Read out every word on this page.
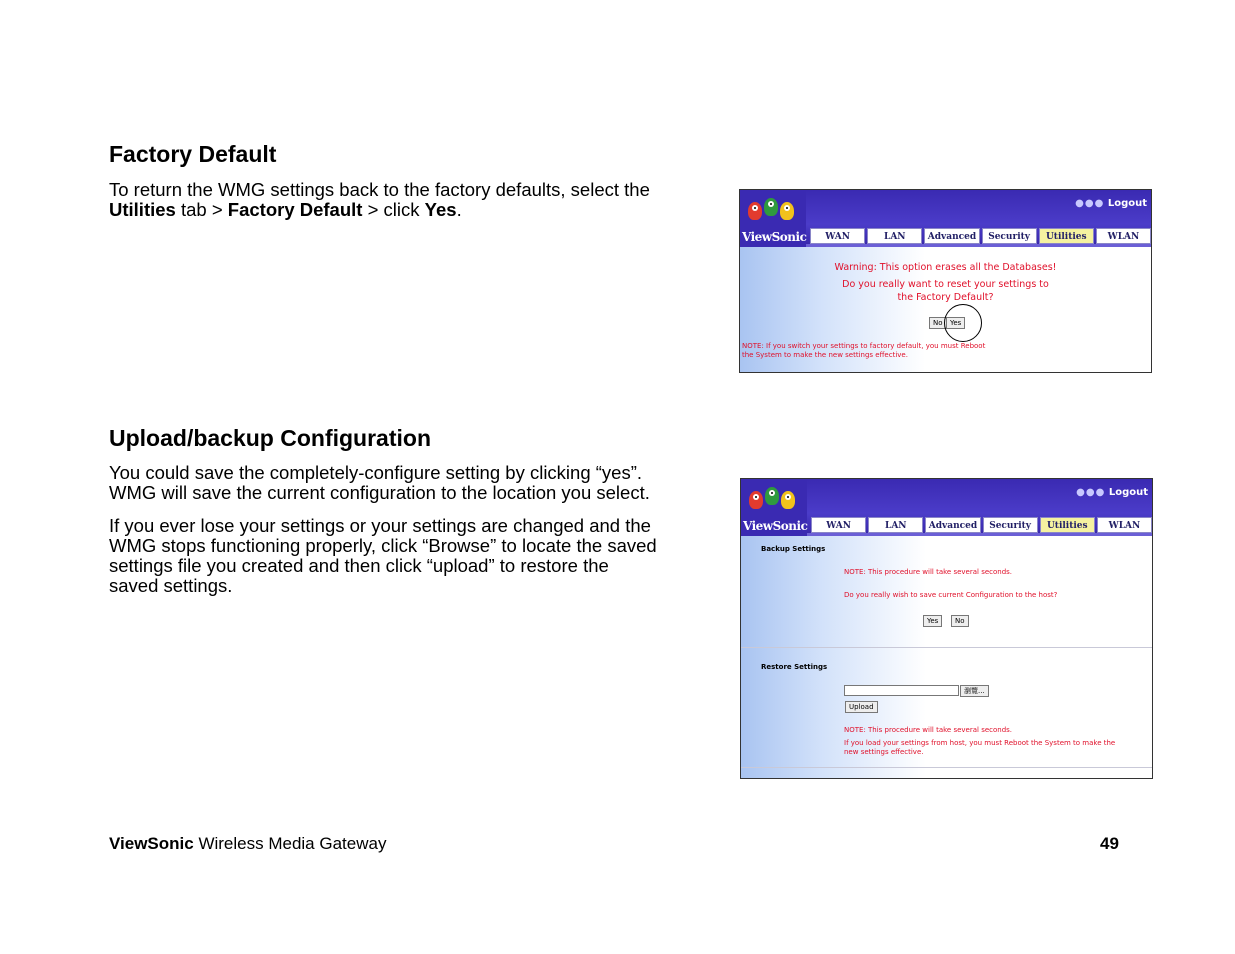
Factory Default
To return the WMG settings back to the factory defaults, select the
Utilities tab > Factory Default > click Yes.
ViewSonic
●●● Logout
WAN	LAN	Advanced	Security	Utilities	WLAN
Warning: This option erases all the Databases!
Do you really want to reset your settings to
the Factory Default?
No	Yes
NOTE: If you switch your settings to factory default, you must Reboot
the System to make the new settings effective.
Upload/backup Configuration
You could save the completely-configure setting by clicking “yes”.
WMG will save the current configuration to the location you select.
If you ever lose your settings or your settings are changed and the
WMG stops functioning properly, click “Browse” to locate the saved
settings file you created and then click “upload” to restore the
saved settings.
ViewSonic
●●● Logout
WAN	LAN	Advanced	Security	Utilities	WLAN
Backup Settings
NOTE: This procedure will take several seconds.
Do you really wish to save current Configuration to the host?
Yes	No
Restore Settings
瀏覽...
Upload
NOTE: This procedure will take several seconds.
If you load your settings from host, you must Reboot the System to make the
new settings effective.
ViewSonic Wireless Media Gateway	49
